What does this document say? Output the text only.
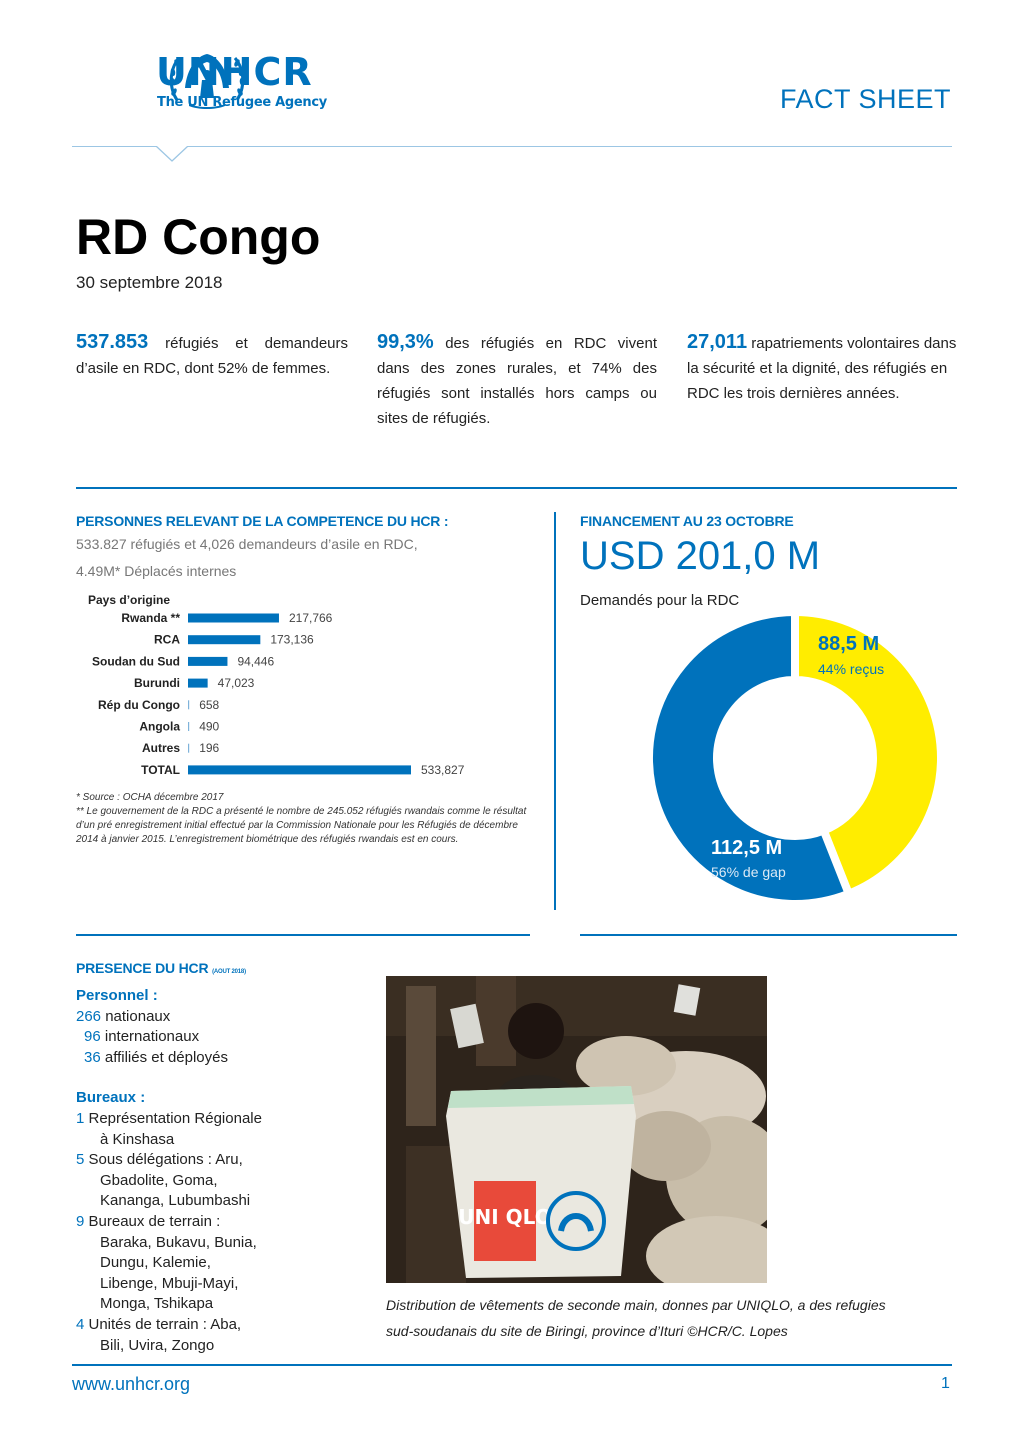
UNHCR
The UN Refugee Agency	FACT SHEET
RD Congo
30 septembre 2018
537.853 réfugiés et demandeurs d’asile en RDC, dont 52% de femmes.
99,3% des réfugiés en RDC vivent dans des zones rurales, et 74% des réfugiés sont installés hors camps ou sites de réfugiés.
27,011 rapatriements volontaires dans la sécurité et la dignité, des réfugiés en RDC les trois dernières années.
PERSONNES RELEVANT DE LA COMPETENCE DU HCR :
533.827 réfugiés et 4,026 demandeurs d’asile en RDC,
4.49M* Déplacés internes
Pays d’origine
Rwanda **	217,766
RCA	173,136
Soudan du Sud	94,446
Burundi	47,023
Rép du Congo 658
Angola 490
Autres 196
TOTAL	533,827
* Source : OCHA décembre 2017
** Le gouvernement de la RDC a présenté le nombre de 245.052 réfugiés rwandais comme le résultat d’un pré enregistrement initial effectué par la Commission Nationale pour les Réfugiés de décembre 2014 à janvier 2015. L’enregistrement biométrique des réfugiés rwandais est en cours.
FINANCEMENT AU 23 OCTOBRE
USD 201,0 M
Demandés pour la RDC
88,5 M
44% reçus
112,5 M
56% de gap
PRESENCE DU HCR (AOUT 2018)
Personnel :
266 nationaux
96 internationaux
36 affiliés et déployés
Bureaux :
1 Représentation Régionale
à Kinshasa
5 Sous délégations : Aru,
Gbadolite, Goma,
Kananga, Lubumbashi
9 Bureaux de terrain :
Baraka, Bukavu, Bunia,
Dungu, Kalemie,
Libenge, Mbuji-Mayi,
Monga, Tshikapa
4 Unités de terrain : Aba,
Bili, Uvira, Zongo
UNI QLO
Distribution de vêtements de seconde main, donnes par UNIQLO, a des refugies
sud-soudanais du site de Biringi, province d’Ituri ©HCR/C. Lopes
www.unhcr.org	1
